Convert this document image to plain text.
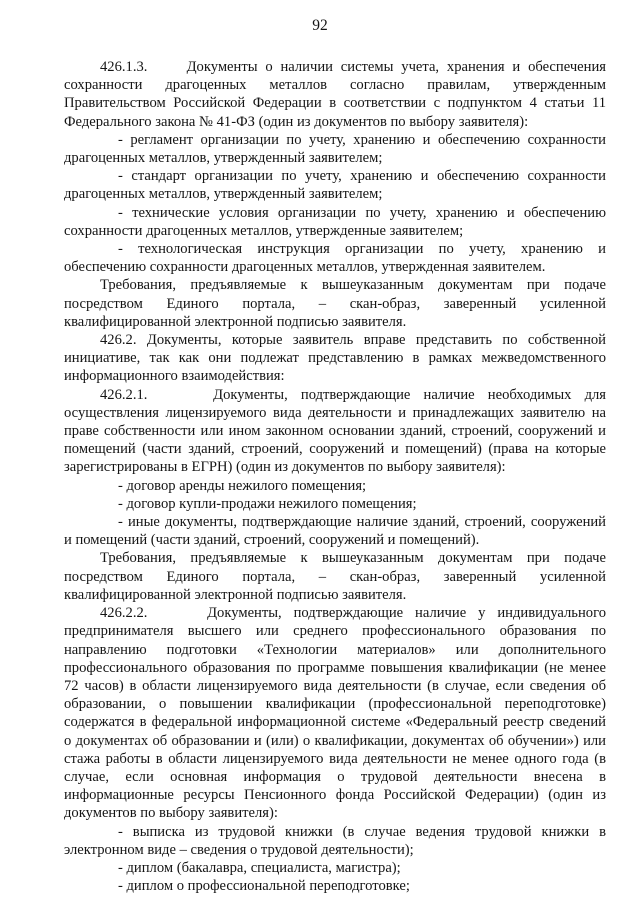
92

426.1.3.     Документы о наличии системы учета, хранения и обеспечения сохранности драгоценных металлов согласно правилам, утвержденным Правительством Российской Федерации в соответствии с подпунктом 4 статьи 11 Федерального закона № 41-ФЗ (один из документов по выбору заявителя):

- регламент организации по учету, хранению и обеспечению сохранности драгоценных металлов, утвержденный заявителем;

- стандарт организации по учету, хранению и обеспечению сохранности драгоценных металлов, утвержденный заявителем;

- технические условия организации по учету, хранению и обеспечению сохранности драгоценных металлов, утвержденные заявителем;

- технологическая инструкция организации по учету, хранению и обеспечению сохранности драгоценных металлов, утвержденная заявителем.

Требования, предъявляемые к вышеуказанным документам при подаче посредством Единого портала, – скан-образ, заверенный усиленной квалифицированной электронной подписью заявителя.

426.2. Документы, которые заявитель вправе представить по собственной инициативе, так как они подлежат представлению в рамках межведомственного информационного взаимодействия:

426.2.1.     Документы, подтверждающие наличие необходимых для осуществления лицензируемого вида деятельности и принадлежащих заявителю на праве собственности или ином законном основании зданий, строений, сооружений и помещений (части зданий, строений, сооружений и помещений) (права на которые зарегистрированы в ЕГРН) (один из документов по выбору заявителя):

- договор аренды нежилого помещения;

- договор купли-продажи нежилого помещения;

- иные документы, подтверждающие наличие зданий, строений, сооружений и помещений (части зданий, строений, сооружений и помещений).

Требования, предъявляемые к вышеуказанным документам при подаче посредством Единого портала, – скан-образ, заверенный усиленной квалифицированной электронной подписью заявителя.

426.2.2.     Документы, подтверждающие наличие у индивидуального предпринимателя высшего или среднего профессионального образования по направлению подготовки «Технологии материалов» или дополнительного профессионального образования по программе повышения квалификации (не менее 72 часов) в области лицензируемого вида деятельности (в случае, если сведения об образовании, о повышении квалификации (профессиональной переподготовке) содержатся в федеральной информационной системе «Федеральный реестр сведений о документах об образовании и (или) о квалификации, документах об обучении») или стажа работы в области лицензируемого вида деятельности не менее одного года (в случае, если основная информация о трудовой деятельности внесена в информационные ресурсы Пенсионного фонда Российской Федерации) (один из документов по выбору заявителя):

- выписка из трудовой книжки (в случае ведения трудовой книжки в электронном виде – сведения о трудовой деятельности);

- диплом (бакалавра, специалиста, магистра);

- диплом о профессиональной переподготовке;
